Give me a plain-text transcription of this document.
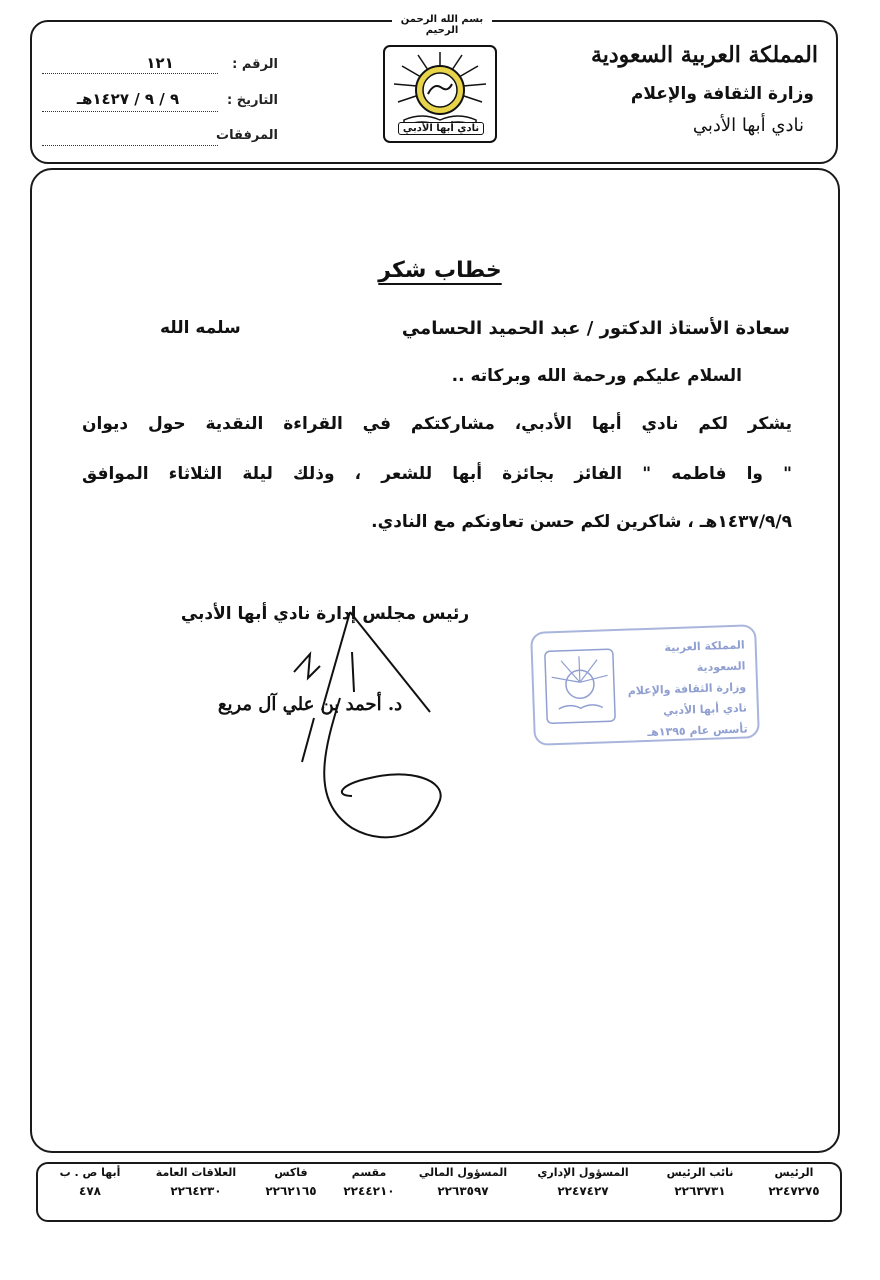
المملكة العربية السعودية
وزارة الثقافة والإعلام
نادي أبها الأدبي
بسم الله الرحمن الرحيم
نادي أبها الأدبي
الرقم :
١٢١
التاريخ :
٩ / ٩ / ١٤٢٧هـ
المرفقات
خطاب شكر
سعادة الأستاذ الدكتور / عبد الحميد الحسامي
سلمه الله
السلام عليكم ورحمة الله وبركاته ..
يشكر لكم نادي أبها الأدبي، مشاركتكم في القراءة النقدية حول ديوان
" وا فاطمه " الفائز بجائزة أبها للشعر ، وذلك ليلة الثلاثاء الموافق
١٤٣٧/٩/٩هـ ، شاكرين لكم حسن تعاونكم مع النادي.
رئيس مجلس إدارة نادي أبها الأدبي
د. أحمد بن علي آل مريع
المملكة العربية السعودية
وزارة الثقافة والإعلام
نادي أبها الأدبي
تأسس عام ١٣٩٥هـ
الرئيس
٢٢٤٧٢٧٥
نائب الرئيس
٢٢٦٣٧٣١
المسؤول الإداري
٢٢٤٧٤٢٧
المسؤول المالي
٢٢٦٣٥٩٧
مقسم
٢٢٤٤٢١٠
فاكس
٢٢٦٢١٦٥
العلاقات العامة
٢٢٦٤٢٣٠
أبها ص . ب
٤٧٨
